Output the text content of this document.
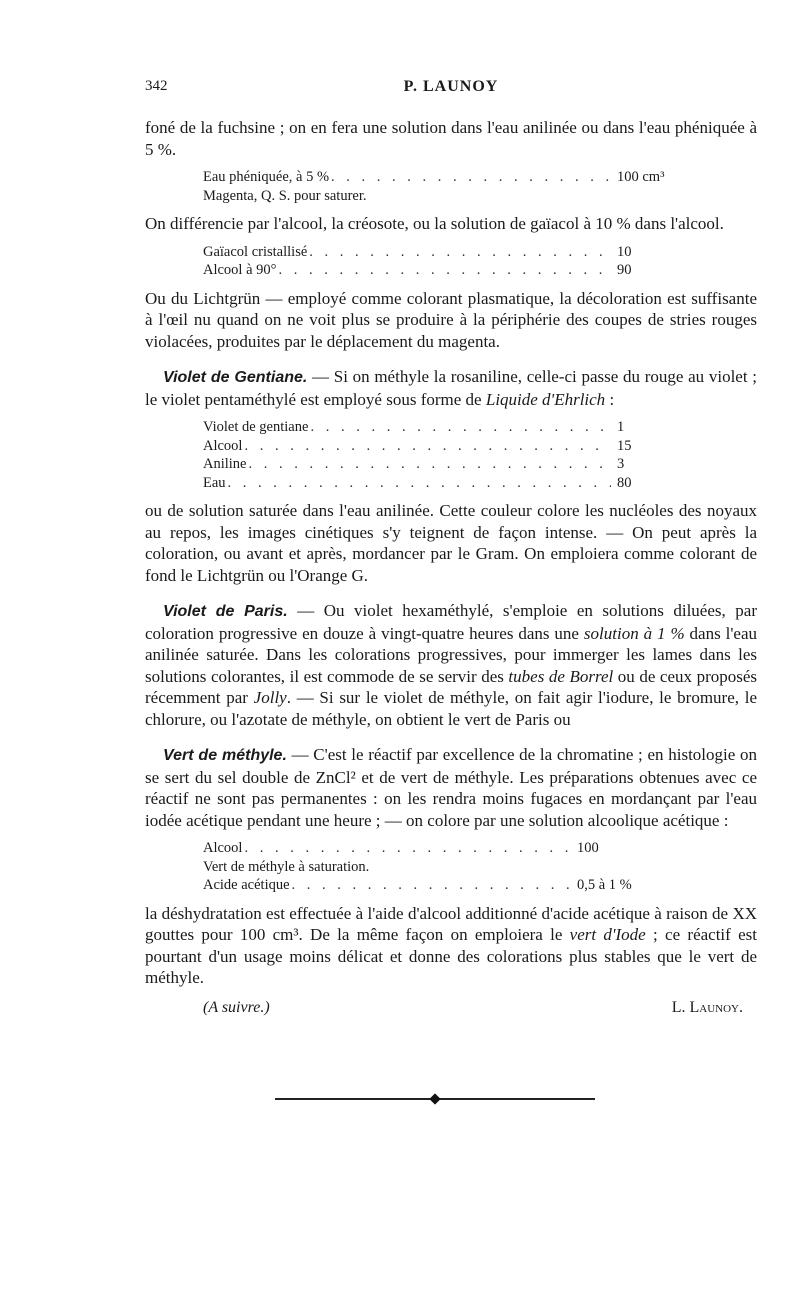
342	P. LAUNOY

foné de la fuchsine ; on en fera une solution dans l'eau anilinée ou dans l'eau phéniquée à 5 %.

Eau phéniquée, à 5 % . . .	100 cm³
Magenta, Q. S. pour saturer.

On différencie par l'alcool, la créosote, ou la solution de gaïacol à 10 % dans l'alcool.

Gaïacol cristallisé . . .	10
Alcool à 90° . . .	90

Ou du Lichtgrün — employé comme colorant plasmatique, la décoloration est suffisante à l'œil nu quand on ne voit plus se produire à la périphérie des coupes de stries rouges violacées, produites par le déplacement du magenta.

Violet de Gentiane. — Si on méthyle la rosaniline, celle-ci passe du rouge au violet ; le violet pentaméthylé est employé sous forme de Liquide d'Ehrlich :

Violet de gentiane . . .	1
Alcool . . .	15
Aniline . . .	3
Eau . . .	80

ou de solution saturée dans l'eau anilinée. Cette couleur colore les nucléoles des noyaux au repos, les images cinétiques s'y teignent de façon intense. — On peut après la coloration, ou avant et après, mordancer par le Gram. On emploiera comme colorant de fond le Lichtgrün ou l'Orange G.

Violet de Paris. — Ou violet hexaméthylé, s'emploie en solutions diluées, par coloration progressive en douze à vingt-quatre heures dans une solution à 1 % dans l'eau anilinée saturée. Dans les colorations progressives, pour immerger les lames dans les solutions colorantes, il est commode de se servir des tubes de Borrel ou de ceux proposés récemment par Jolly. — Si sur le violet de méthyle, on fait agir l'iodure, le bromure, le chlorure, ou l'azotate de méthyle, on obtient le vert de Paris ou

Vert de méthyle. — C'est le réactif par excellence de la chromatine ; en histologie on se sert du sel double de ZnCl² et de vert de méthyle. Les préparations obtenues avec ce réactif ne sont pas permanentes : on les rendra moins fugaces en mordançant par l'eau iodée acétique pendant une heure ; — on colore par une solution alcoolique acétique :

Alcool . . .	100
Vert de méthyle à saturation.
Acide acétique . . .	0,5 à 1 %

la déshydratation est effectuée à l'aide d'alcool additionné d'acide acétique à raison de XX gouttes pour 100 cm³. De la même façon on emploiera le vert d'Iode ; ce réactif est pourtant d'un usage moins délicat et donne des colorations plus stables que le vert de méthyle.

(A suivre.)	L. Launoy.
